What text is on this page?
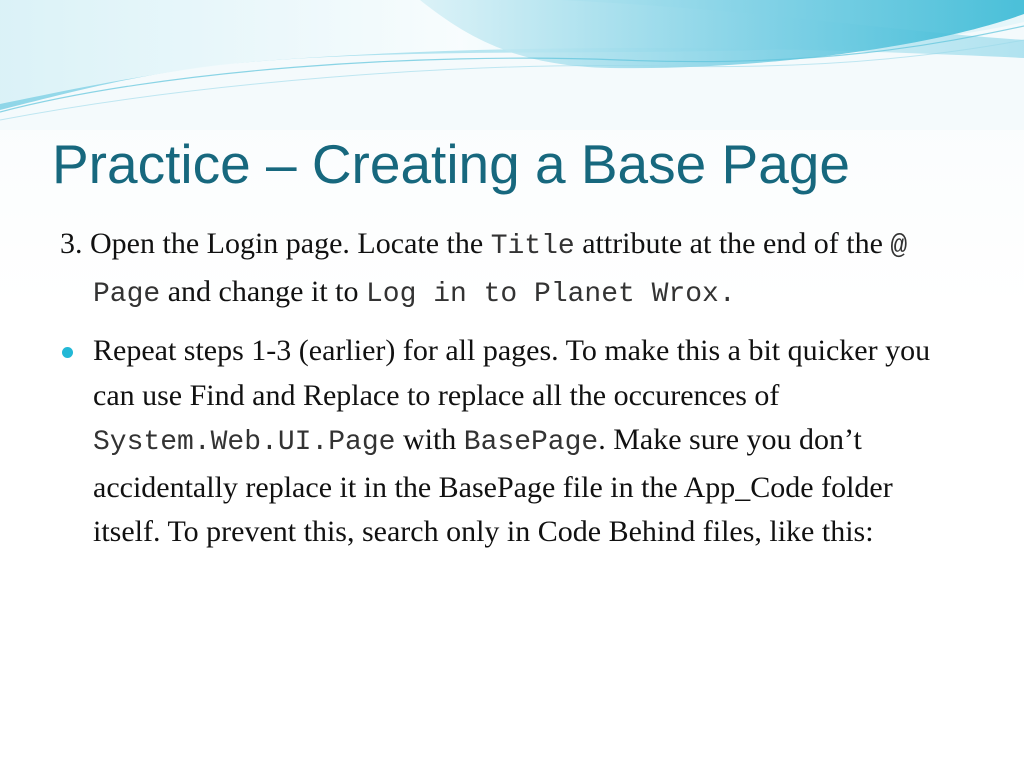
Practice – Creating a Base Page

3. Open the Login page. Locate the Title attribute at the end of the @ Page and change it to Log in to Planet Wrox.

Repeat steps 1-3 (earlier) for all pages. To make this a bit quicker you can use Find and Replace to replace all the occurences of System.Web.UI.Page with BasePage. Make sure you don’t accidentally replace it in the BasePage file in the App_Code folder itself. To prevent this, search only in Code Behind files, like this:
